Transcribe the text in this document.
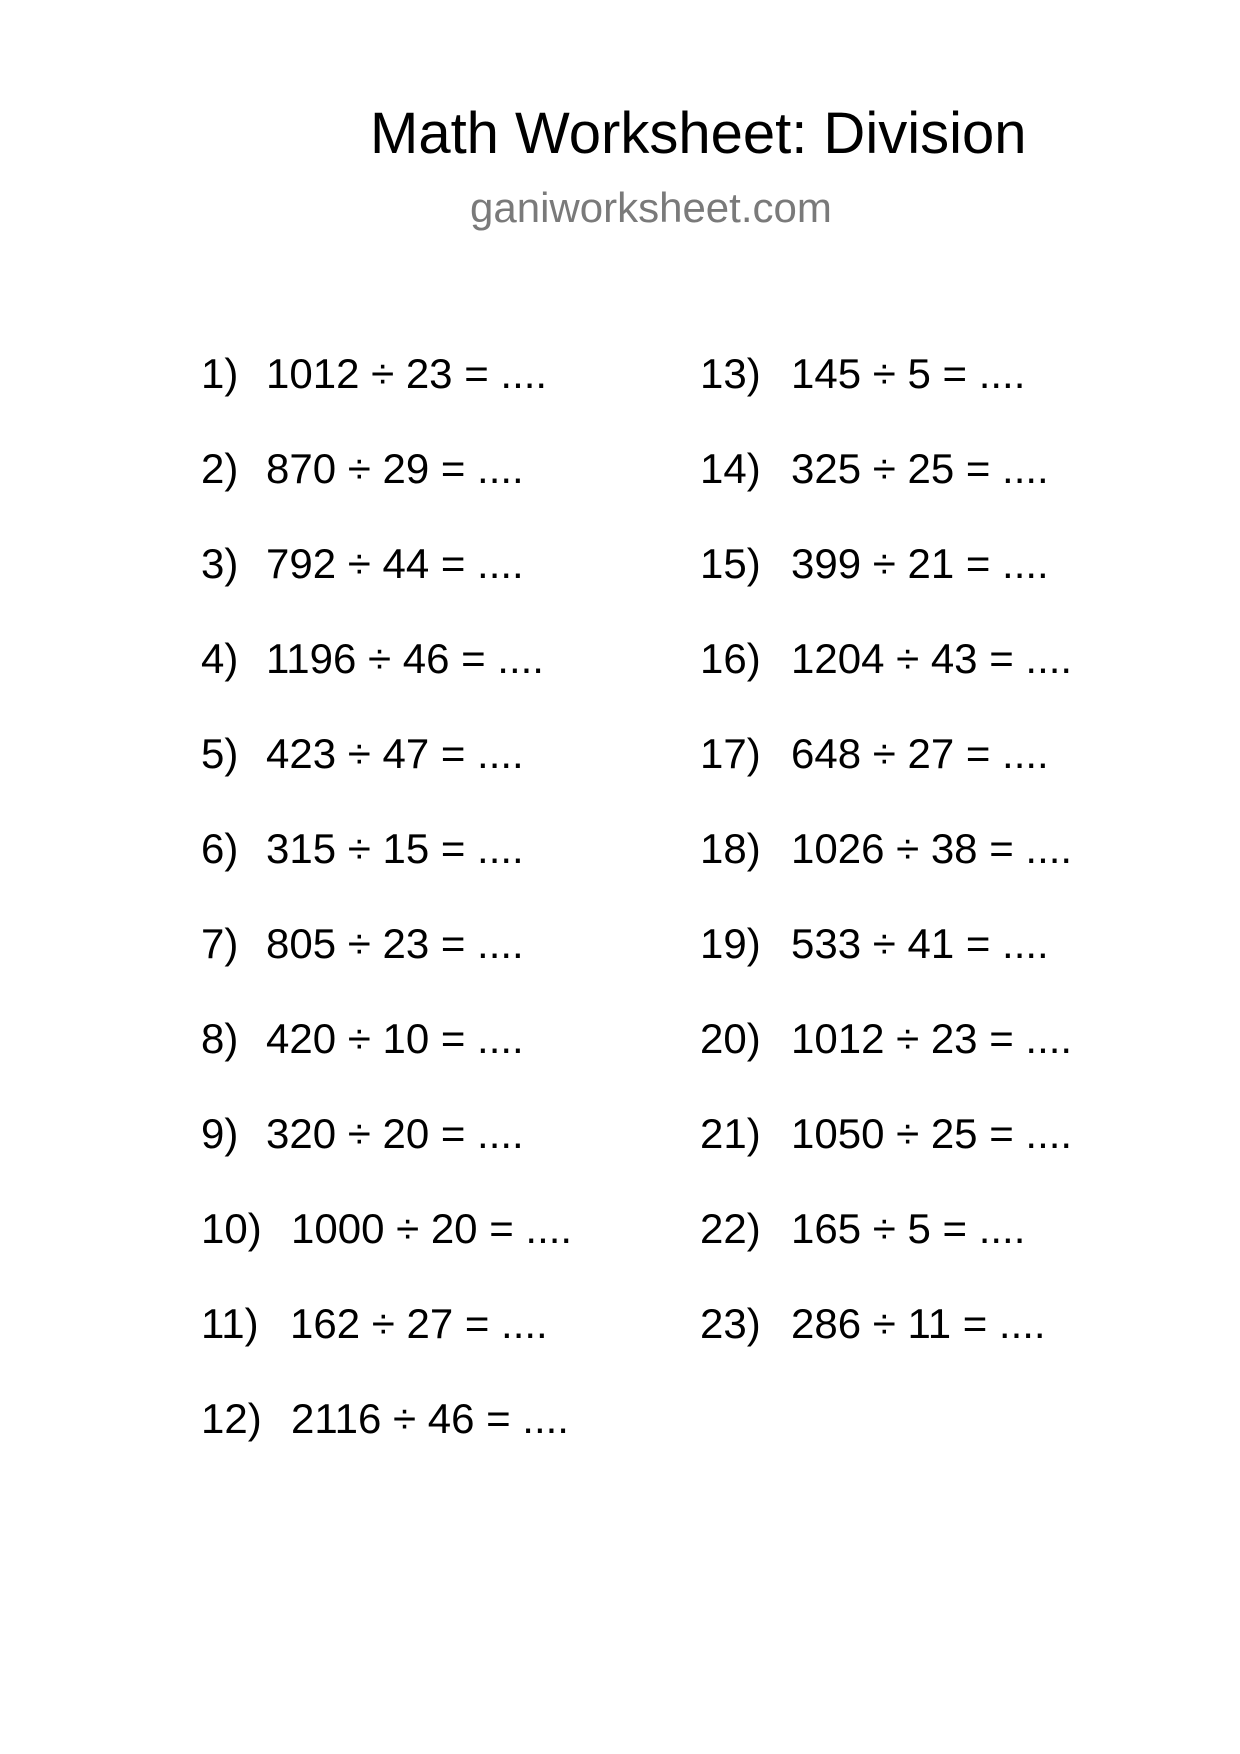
Math Worksheet: Division
ganiworksheet.com
1) 1012 ÷ 23 = ....
2) 870 ÷ 29 = ....
3) 792 ÷ 44 = ....
4) 1196 ÷ 46 = ....
5) 423 ÷ 47 = ....
6) 315 ÷ 15 = ....
7) 805 ÷ 23 = ....
8) 420 ÷ 10 = ....
9) 320 ÷ 20 = ....
10) 1000 ÷ 20 = ....
11) 162 ÷ 27 = ....
12) 2116 ÷ 46 = ....
13) 145 ÷ 5 = ....
14) 325 ÷ 25 = ....
15) 399 ÷ 21 = ....
16) 1204 ÷ 43 = ....
17) 648 ÷ 27 = ....
18) 1026 ÷ 38 = ....
19) 533 ÷ 41 = ....
20) 1012 ÷ 23 = ....
21) 1050 ÷ 25 = ....
22) 165 ÷ 5 = ....
23) 286 ÷ 11 = ....
